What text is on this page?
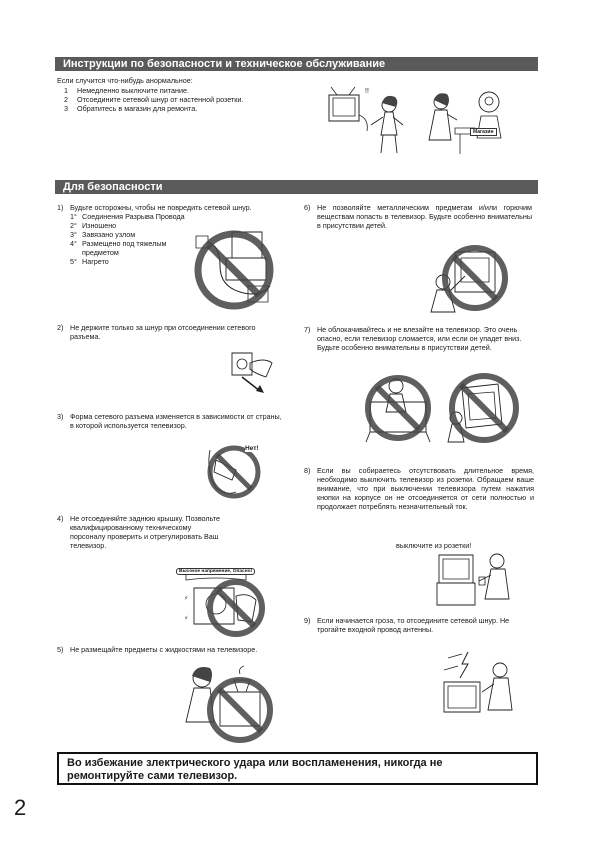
Инструкции по безопасности и техническое обслуживание
Если случится что-нибудь анормальное:
1	Немедленно выключите питание.
2	Отсоедините сетевой шнур от настенной розетки.
3	Обратитесь в магазин для ремонта.
!!
Магазин
Для безопасности
1) Будьте осторожны, чтобы не повредить сетевой шнур.
1° Соединения Разрыва Провода
2° Изношено
3° Завязано узлом
4° Размещено под тяжелым предметом
5° Нагрето
2) Не держите только за шнур при отсоединении сетевого разъема.
3) Форма сетевого разъема изменяется в зависимости от страны, в которой используется телевизор.
Нет!
4) Не отсоединяйте заднюю крышку. Позвольте квалифицированному техническому порсоналу проверить и отрегулировать Ваш телевизор.
⚡
⚡
Высокое напряжение, Опасно!
5) Не размещайте предметы с жидкостями на телевизоре.
6) Не позволяйте металлическим предметам и/или горючим веществам попасть в телевизор. Будьте особенно внимательны в присутствии детей.
7) Не облокачивайтесь и не влезайте на телевизор. Это очень опасно, если телевизор сломается, или если он упадет вниз. Будьте особенно внимательны в присутствии детей.
8) Если вы собираетесь отсутствовать длительное время, необходимо выключить телевизор из розетки. Обращаем ваше внимание, что при выключении телевизора путем нажатия кнопки на корпусе он не отсоединяется от сети полностью и продолжает потреблять незначительный ток.
выключите из розетки!
9) Если начинается гроза, то отсоедините сетевой шнур. Не трогайте входной провод антенны.
Во избежание злектрического удара или воспламенения, никогда не ремонтируйте сами телевизор.
2
